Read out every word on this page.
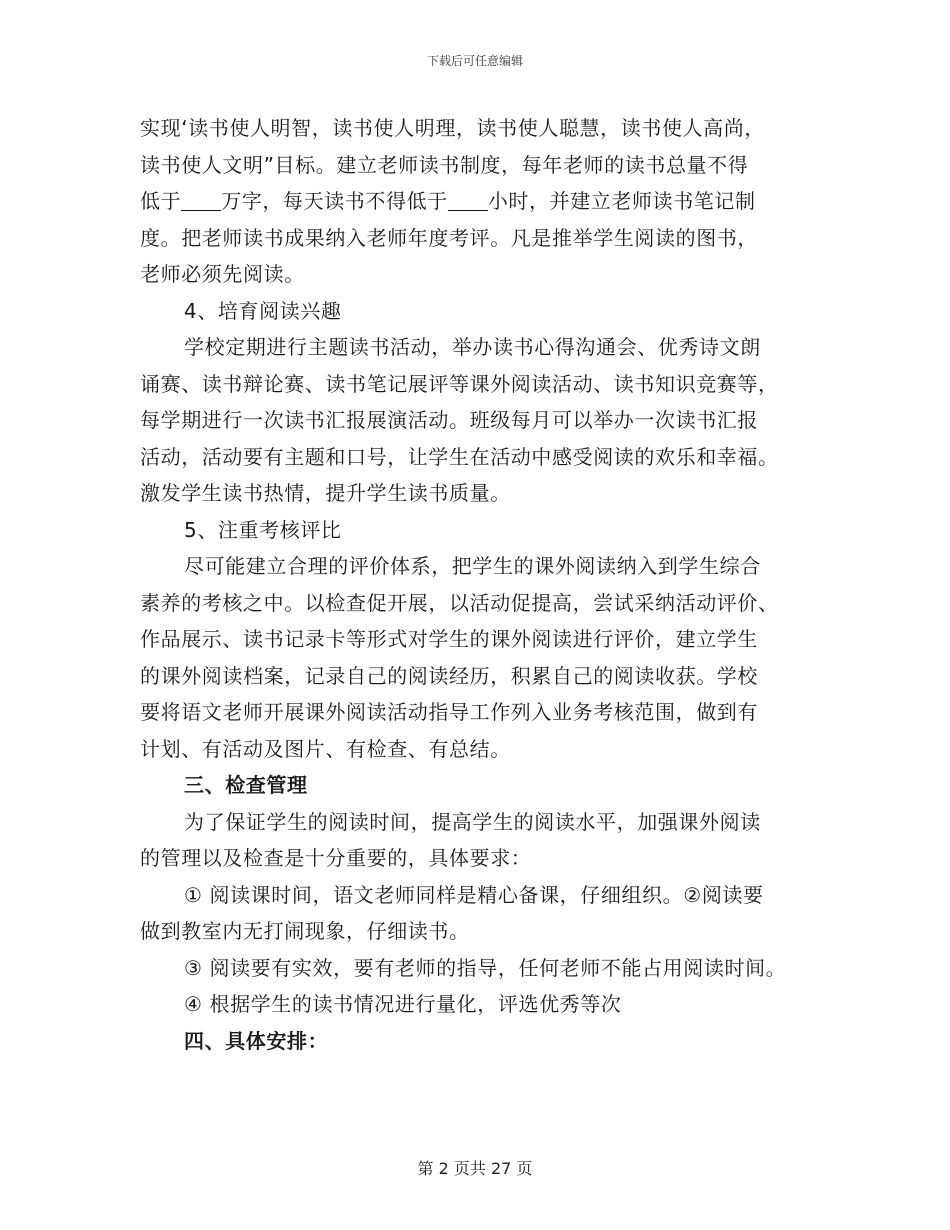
下载后可任意编辑
实现‘读书使人明智，读书使人明理，读书使人聪慧，读书使人高尚，
读书使人文明”目标。建立老师读书制度，每年老师的读书总量不得
低于 万字，每天读书不得低于 小时，并建立老师读书笔记制
度。把老师读书成果纳入老师年度考评。凡是推举学生阅读的图书，
老师必须先阅读。
4、培育阅读兴趣
学校定期进行主题读书活动，举办读书心得沟通会、优秀诗文朗
诵赛、读书辩论赛、读书笔记展评等课外阅读活动、读书知识竞赛等，
每学期进行一次读书汇报展演活动。班级每月可以举办一次读书汇报
活动，活动要有主题和口号，让学生在活动中感受阅读的欢乐和幸福。
激发学生读书热情，提升学生读书质量。
5、注重考核评比
尽可能建立合理的评价体系，把学生的课外阅读纳入到学生综合
素养的考核之中。以检查促开展，以活动促提高，尝试采纳活动评价、
作品展示、读书记录卡等形式对学生的课外阅读进行评价，建立学生
的课外阅读档案，记录自己的阅读经历，积累自己的阅读收获。学校
要将语文老师开展课外阅读活动指导工作列入业务考核范围，做到有
计划、有活动及图片、有检查、有总结。
三、检查管理
为了保证学生的阅读时间，提高学生的阅读水平，加强课外阅读
的管理以及检查是十分重要的，具体要求：
① 阅读课时间，语文老师同样是精心备课，仔细组织。②阅读要
做到教室内无打闹现象，仔细读书。
③ 阅读要有实效，要有老师的指导，任何老师不能占用阅读时间。
④ 根据学生的读书情况进行量化，评选优秀等次
四、具体安排：
第 2 页共 27 页
